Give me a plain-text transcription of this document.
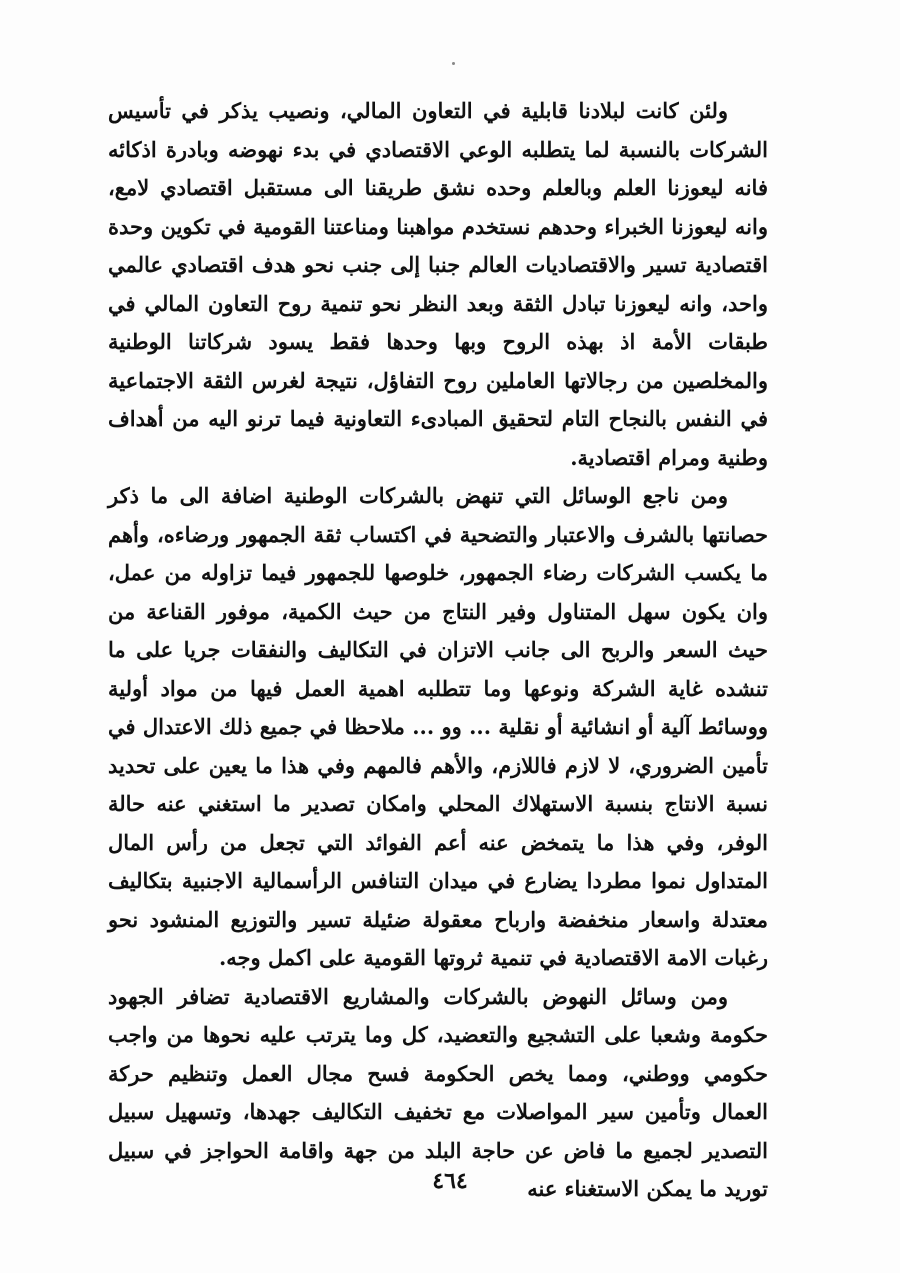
ولئن كانت لبلادنا قابلية في التعاون المالي، ونصيب يذكر في تأسيس الشركات بالنسبة لما يتطلبه الوعي الاقتصادي في بدء نهوضه وبادرة اذكائه فانه ليعوزنا العلم وبالعلم وحده نشق طريقنا الى مستقبل اقتصادي لامع، وانه ليعوزنا الخبراء وحدهم نستخدم مواهبنا ومناعتنا القومية في تكوين وحدة اقتصادية تسير والاقتصاديات العالم جنبا إلى جنب نحو هدف اقتصادي عالمي واحد، وانه ليعوزنا تبادل الثقة وبعد النظر نحو تنمية روح التعاون المالي في طبقات الأمة اذ بهذه الروح وبها وحدها فقط يسود شركاتنا الوطنية والمخلصين من رجالاتها العاملين روح التفاؤل، نتيجة لغرس الثقة الاجتماعية في النفس بالنجاح التام لتحقيق المبادىء التعاونية فيما ترنو اليه من أهداف وطنية ومرام اقتصادية.

ومن ناجع الوسائل التي تنهض بالشركات الوطنية اضافة الى ما ذكر حصانتها بالشرف والاعتبار والتضحية في اكتساب ثقة الجمهور ورضاءه، وأهم ما يكسب الشركات رضاء الجمهور، خلوصها للجمهور فيما تزاوله من عمل، وان يكون سهل المتناول وفير النتاج من حيث الكمية، موفور القناعة من حيث السعر والربح الى جانب الاتزان في التكاليف والنفقات جريا على ما تنشده غاية الشركة ونوعها وما تتطلبه اهمية العمل فيها من مواد أولية ووسائط آلية أو انشائية أو نقلية ... وو ... ملاحظا في جميع ذلك الاعتدال في تأمين الضروري، لا لازم فاللازم، والأهم فالمهم وفي هذا ما يعين على تحديد نسبة الانتاج بنسبة الاستهلاك المحلي وامكان تصدير ما استغني عنه حالة الوفر، وفي هذا ما يتمخض عنه أعم الفوائد التي تجعل من رأس المال المتداول نموا مطردا يضارع في ميدان التنافس الرأسمالية الاجنبية بتكاليف معتدلة واسعار منخفضة وارباح معقولة ضئيلة تسير والتوزيع المنشود نحو رغبات الامة الاقتصادية في تنمية ثروتها القومية على اكمل وجه.

ومن وسائل النهوض بالشركات والمشاريع الاقتصادية تضافر الجهود حكومة وشعبا على التشجيع والتعضيد، كل وما يترتب عليه نحوها من واجب حكومي ووطني، ومما يخص الحكومة فسح مجال العمل وتنظيم حركة العمال وتأمين سير المواصلات مع تخفيف التكاليف جهدها، وتسهيل سبيل التصدير لجميع ما فاض عن حاجة البلد من جهة واقامة الحواجز في سبيل توريد ما يمكن الاستغناء عنه

٤٦٤
